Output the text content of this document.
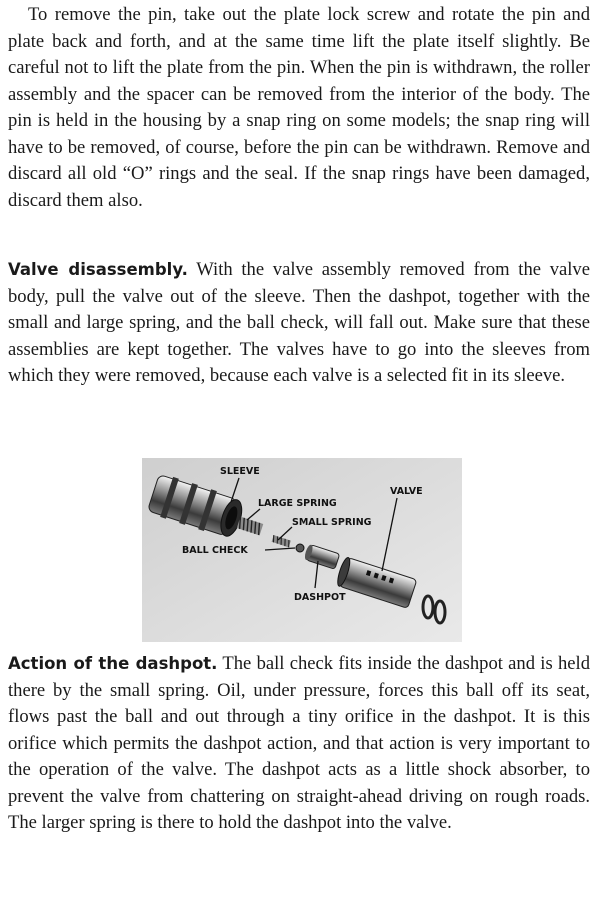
To remove the pin, take out the plate lock screw and rotate the pin and plate back and forth, and at the same time lift the plate itself slightly. Be careful not to lift the plate from the pin. When the pin is withdrawn, the roller assembly and the spacer can be removed from the interior of the body. The pin is held in the housing by a snap ring on some models; the snap ring will have to be removed, of course, before the pin can be withdrawn. Remove and discard all old “O” rings and the seal. If the snap rings have been damaged, discard them also.

Valve disassembly. With the valve assembly removed from the valve body, pull the valve out of the sleeve. Then the dashpot, together with the small and large spring, and the ball check, will fall out. Make sure that these assemblies are kept together. The valves have to go into the sleeves from which they were removed, because each valve is a selected fit in its sleeve.

SLEEVE
LARGE SPRING
SMALL SPRING
BALL CHECK
VALVE
DASHPOT

Action of the dashpot. The ball check fits inside the dashpot and is held there by the small spring. Oil, under pressure, forces this ball off its seat, flows past the ball and out through a tiny orifice in the dashpot. It is this orifice which permits the dashpot action, and that action is very important to the operation of the valve. The dashpot acts as a little shock absorber, to prevent the valve from chattering on straight-ahead driving on rough roads. The larger spring is there to hold the dashpot into the valve.
